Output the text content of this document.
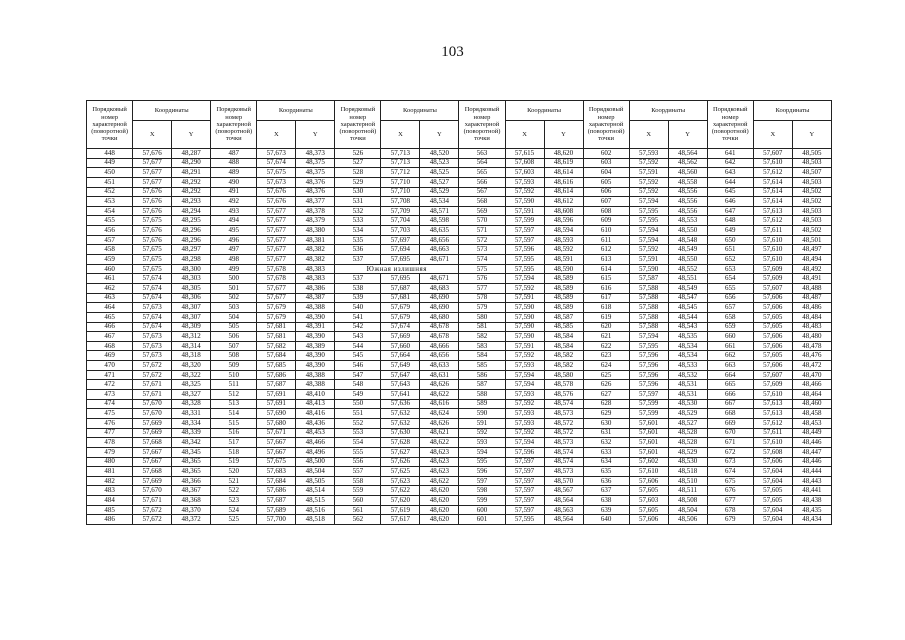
103
Порядковый номер характерной (поворотной) точки	Координаты		Порядковый номер характерной (поворотной) точки	Координаты		Порядковый номер характерной (поворотной) точки	Координаты		Порядковый номер характерной (поворотной) точки	Координаты		Порядковый номер характерной (поворотной) точки	Координаты		Порядковый номер характерной (поворотной) точки	Координаты	
	X	Y		X	Y		X	Y		X	Y		X	Y		X	Y
448	57,676	48,287	487	57,673	48,373	526	57,713	48,520	563	57,615	48,620	602	57,593	48,564	641	57,607	48,505
449	57,677	48,290	488	57,674	48,375	527	57,713	48,523	564	57,608	48,619	603	57,592	48,562	642	57,610	48,503
450	57,677	48,291	489	57,675	48,375	528	57,712	48,525	565	57,603	48,614	604	57,591	48,560	643	57,612	48,507
451	57,677	48,292	490	57,673	48,376	529	57,710	48,527	566	57,593	48,616	605	57,592	48,558	644	57,614	48,503
452	57,676	48,292	491	57,676	48,376	530	57,710	48,529	567	57,592	48,614	606	57,592	48,556	645	57,614	48,502
453	57,676	48,293	492	57,676	48,377	531	57,708	48,534	568	57,590	48,612	607	57,594	48,556	646	57,614	48,502
454	57,676	48,294	493	57,677	48,378	532	57,709	48,571	569	57,591	48,608	608	57,595	48,556	647	57,613	48,503
455	57,675	48,295	494	57,677	48,379	533	57,704	48,598	570	57,599	48,596	609	57,595	48,553	648	57,612	48,503
456	57,676	48,296	495	57,677	48,380	534	57,703	48,635	571	57,597	48,594	610	57,594	48,550	649	57,611	48,502
457	57,676	48,296	496	57,677	48,381	535	57,697	48,656	572	57,597	48,593	611	57,594	48,548	650	57,610	48,501
458	57,675	48,297	497	57,677	48,382	536	57,694	48,663	573	57,596	48,592	612	57,592	48,549	651	57,610	48,497
459	57,675	48,298	498	57,677	48,382	537	57,695	48,671	574	57,595	48,591	613	57,591	48,550	652	57,610	48,494
460	57,675	48,300	499	57,678	48,383	Южная излишняя			575	57,595	48,590	614	57,590	48,552	653	57,609	48,492
461	57,674	48,303	500	57,678	48,383	537	57,695	48,671	576	57,594	48,589	615	57,587	48,551	654	57,609	48,491
462	57,674	48,305	501	57,677	48,386	538	57,687	48,683	577	57,592	48,589	616	57,588	48,549	655	57,607	48,488
463	57,674	48,306	502	57,677	48,387	539	57,681	48,690	578	57,591	48,589	617	57,588	48,547	656	57,606	48,487
464	57,673	48,307	503	57,679	48,388	540	57,679	48,690	579	57,590	48,589	618	57,588	48,545	657	57,606	48,486
465	57,674	48,307	504	57,679	48,390	541	57,679	48,680	580	57,590	48,587	619	57,588	48,544	658	57,605	48,484
466	57,674	48,309	505	57,681	48,391	542	57,674	48,678	581	57,590	48,585	620	57,588	48,543	659	57,605	48,483
467	57,673	48,312	506	57,681	48,390	543	57,669	48,678	582	57,590	48,584	621	57,594	48,535	660	57,606	48,480
468	57,673	48,314	507	57,682	48,389	544	57,660	48,666	583	57,591	48,584	622	57,595	48,534	661	57,606	48,478
469	57,673	48,318	508	57,684	48,390	545	57,664	48,656	584	57,592	48,582	623	57,596	48,534	662	57,605	48,476
470	57,672	48,320	509	57,685	48,390	546	57,649	48,633	585	57,593	48,582	624	57,596	48,533	663	57,606	48,472
471	57,672	48,322	510	57,686	48,388	547	57,647	48,631	586	57,594	48,580	625	57,596	48,532	664	57,607	48,470
472	57,671	48,325	511	57,687	48,388	548	57,643	48,626	587	57,594	48,578	626	57,596	48,531	665	57,609	48,466
473	57,671	48,327	512	57,691	48,410	549	57,641	48,622	588	57,593	48,576	627	57,597	48,531	666	57,610	48,464
474	57,670	48,328	513	57,691	48,413	550	57,636	48,616	589	57,592	48,574	628	57,599	48,530	667	57,613	48,460
475	57,670	48,331	514	57,690	48,416	551	57,632	48,624	590	57,593	48,573	629	57,599	48,529	668	57,613	48,458
476	57,669	48,334	515	57,680	48,436	552	57,632	48,626	591	57,593	48,572	630	57,601	48,527	669	57,612	48,453
477	57,669	48,339	516	57,671	48,453	553	57,630	48,621	592	57,592	48,572	631	57,601	48,528	670	57,611	48,449
478	57,668	48,342	517	57,667	48,466	554	57,628	48,622	593	57,594	48,573	632	57,601	48,528	671	57,610	48,446
479	57,667	48,345	518	57,667	48,496	555	57,627	48,623	594	57,596	48,574	633	57,601	48,529	672	57,608	48,447
480	57,667	48,365	519	57,675	48,500	556	57,626	48,623	595	57,597	48,574	634	57,602	48,530	673	57,606	48,446
481	57,668	48,365	520	57,683	48,504	557	57,625	48,623	596	57,597	48,573	635	57,610	48,518	674	57,604	48,444
482	57,669	48,366	521	57,684	48,505	558	57,623	48,622	597	57,597	48,570	636	57,606	48,510	675	57,604	48,443
483	57,670	48,367	522	57,686	48,514	559	57,622	48,620	598	57,597	48,567	637	57,605	48,511	676	57,605	48,441
484	57,671	48,368	523	57,687	48,515	560	57,620	48,620	599	57,597	48,564	638	57,603	48,508	677	57,605	48,438
485	57,672	48,370	524	57,689	48,516	561	57,619	48,620	600	57,597	48,563	639	57,605	48,504	678	57,604	48,435
486	57,672	48,372	525	57,700	48,518	562	57,617	48,620	601	57,595	48,564	640	57,606	48,506	679	57,604	48,434
